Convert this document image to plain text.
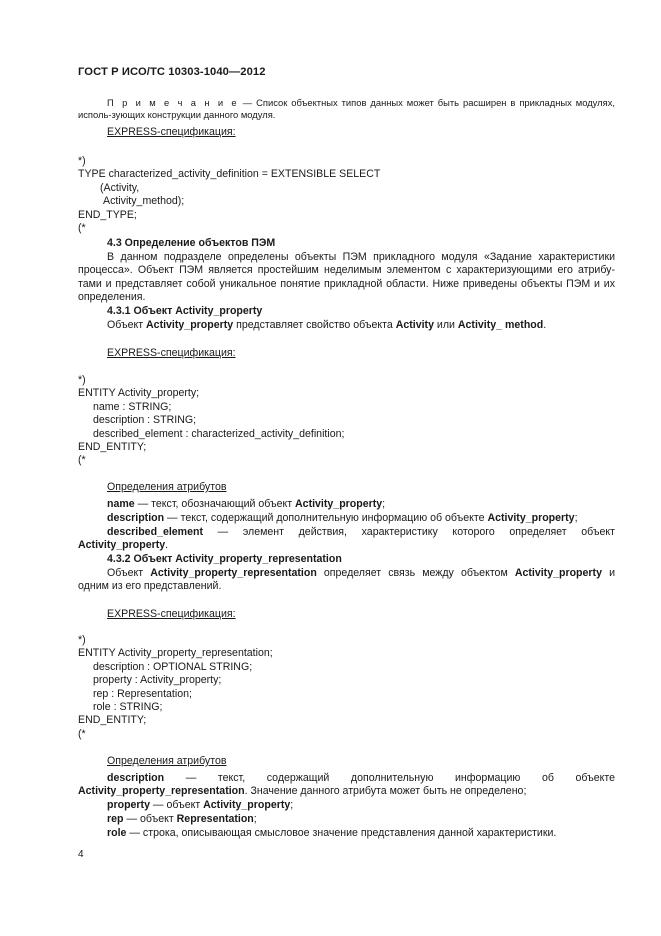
ГОСТ Р ИСО/ТС 10303-1040—2012
П р и м е ч а н и е — Список объектных типов данных может быть расширен в прикладных модулях, исполь-зующих конструкции данного модуля.
EXPRESS-спецификация:
*)
TYPE characterized_activity_definition = EXTENSIBLE SELECT
(Activity,
Activity_method);
END_TYPE;
(*
4.3 Определение объектов ПЭМ
В данном подразделе определены объекты ПЭМ прикладного модуля «Задание характеристики процесса». Объект ПЭМ является простейшим неделимым элементом с характеризующими его атрибу-тами и представляет собой уникальное понятие прикладной области. Ниже приведены объекты ПЭМ и их определения.
4.3.1 Объект Activity_property
Объект Activity_property представляет свойство объекта Activity или Activity_ method.
EXPRESS-спецификация:
*)
ENTITY Activity_property;
name : STRING;
description : STRING;
described_element : characterized_activity_definition;
END_ENTITY;
(*
Определения атрибутов
name — текст, обозначающий объект Activity_property;
description — текст, содержащий дополнительную информацию об объекте Activity_property;
described_element — элемент действия, характеристику которого определяет объект Activity_property.
4.3.2 Объект Activity_property_representation
Объект Activity_property_representation определяет связь между объектом Activity_property и одним из его представлений.
EXPRESS-спецификация:
*)
ENTITY Activity_property_representation;
description : OPTIONAL STRING;
property : Activity_property;
rep : Representation;
role : STRING;
END_ENTITY;
(*
Определения атрибутов
description — текст, содержащий дополнительную информацию об объекте Activity_property_representation. Значение данного атрибута может быть не определено;
property — объект Activity_property;
rep — объект Representation;
role — строка, описывающая смысловое значение представления данной характеристики.
4
